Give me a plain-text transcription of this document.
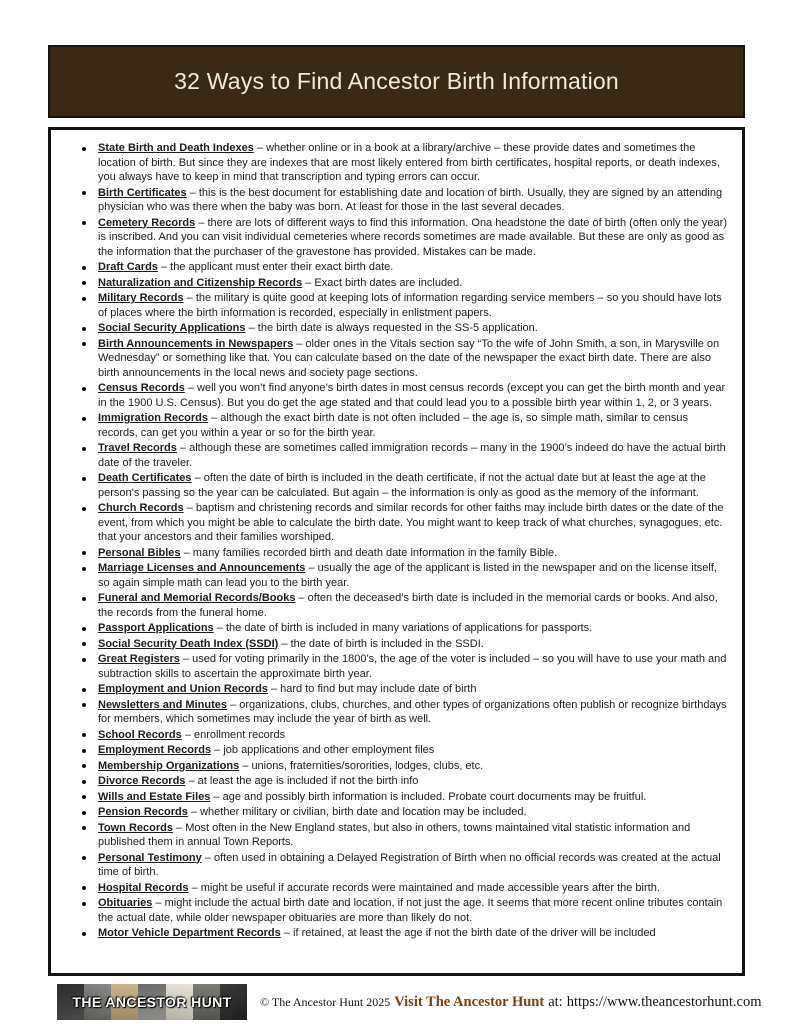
32 Ways to Find Ancestor Birth Information
State Birth and Death Indexes – whether online or in a book at a library/archive – these provide dates and sometimes the location of birth. But since they are indexes that are most likely entered from birth certificates, hospital reports, or death indexes, you always have to keep in mind that transcription and typing errors can occur.
Birth Certificates – this is the best document for establishing date and location of birth. Usually, they are signed by an attending physician who was there when the baby was born. At least for those in the last several decades.
Cemetery Records – there are lots of different ways to find this information. Ona headstone the date of birth (often only the year) is inscribed. And you can visit individual cemeteries where records sometimes are made available. But these are only as good as the information that the purchaser of the gravestone has provided. Mistakes can be made.
Draft Cards – the applicant must enter their exact birth date.
Naturalization and Citizenship Records – Exact birth dates are included.
Military Records – the military is quite good at keeping lots of information regarding service members – so you should have lots of places where the birth information is recorded, especially in enlistment papers.
Social Security Applications – the birth date is always requested in the SS-5 application.
Birth Announcements in Newspapers – older ones in the Vitals section say “To the wife of John Smith, a son, in Marysville on Wednesday” or something like that. You can calculate based on the date of the newspaper the exact birth date. There are also birth announcements in the local news and society page sections.
Census Records – well you won’t find anyone’s birth dates in most census records (except you can get the birth month and year in the 1900 U.S. Census). But you do get the age stated and that could lead you to a possible birth year within 1, 2, or 3 years.
Immigration Records – although the exact birth date is not often included – the age is, so simple math, similar to census records, can get you within a year or so for the birth year.
Travel Records – although these are sometimes called immigration records – many in the 1900’s indeed do have the actual birth date of the traveler.
Death Certificates – often the date of birth is included in the death certificate, if not the actual date but at least the age at the person’s passing so the year can be calculated. But again – the information is only as good as the memory of the informant.
Church Records – baptism and christening records and similar records for other faiths may include birth dates or the date of the event, from which you might be able to calculate the birth date. You might want to keep track of what churches, synagogues, etc. that your ancestors and their families worshiped.
Personal Bibles – many families recorded birth and death date information in the family Bible.
Marriage Licenses and Announcements – usually the age of the applicant is listed in the newspaper and on the license itself, so again simple math can lead you to the birth year.
Funeral and Memorial Records/Books – often the deceased’s birth date is included in the memorial cards or books. And also, the records from the funeral home.
Passport Applications – the date of birth is included in many variations of applications for passports.
Social Security Death Index (SSDI) – the date of birth is included in the SSDI.
Great Registers – used for voting primarily in the 1800’s, the age of the voter is included – so you will have to use your math and subtraction skills to ascertain the approximate birth year.
Employment and Union Records – hard to find but may include date of birth
Newsletters and Minutes – organizations, clubs, churches, and other types of organizations often publish or recognize birthdays for members, which sometimes may include the year of birth as well.
School Records – enrollment records
Employment Records – job applications and other employment files
Membership Organizations – unions, fraternities/sororities, lodges, clubs, etc.
Divorce Records – at least the age is included if not the birth info
Wills and Estate Files – age and possibly birth information is included. Probate court documents may be fruitful.
Pension Records – whether military or civilian, birth date and location may be included.
Town Records – Most often in the New England states, but also in others, towns maintained vital statistic information and published them in annual Town Reports.
Personal Testimony – often used in obtaining a Delayed Registration of Birth when no official records was created at the actual time of birth.
Hospital Records – might be useful if accurate records were maintained and made accessible years after the birth.
Obituaries – might include the actual birth date and location, if not just the age. It seems that more recent online tributes contain the actual date, while older newspaper obituaries are more than likely do not.
Motor Vehicle Department Records – if retained, at least the age if not the birth date of the driver will be included
THE ANCESTOR HUNT	© The Ancestor Hunt 2025 Visit The Ancestor Hunt at: https://www.theancestorhunt.com
